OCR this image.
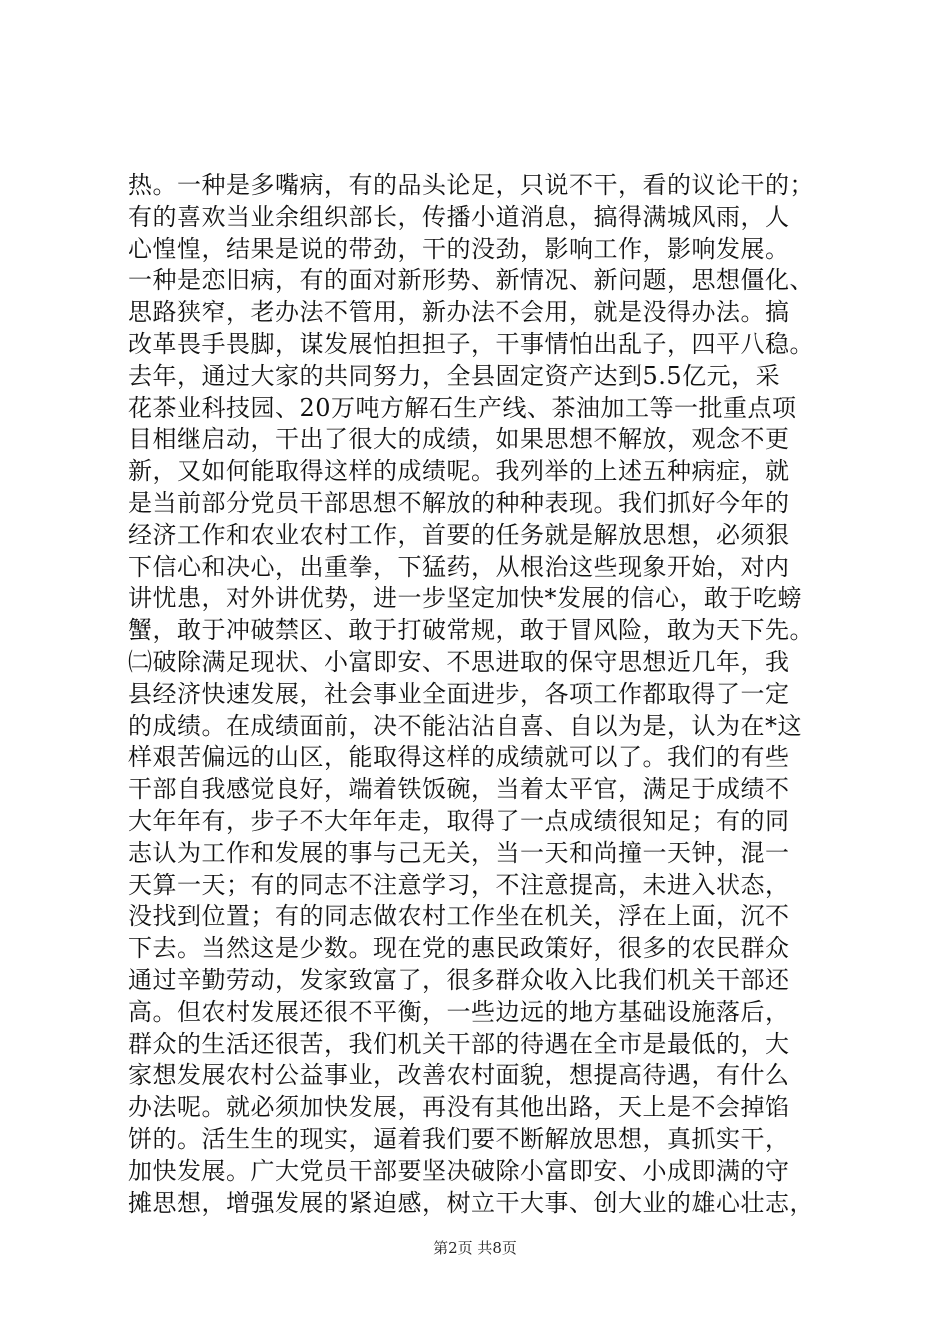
热。一种是多嘴病，有的品头论足，只说不干，看的议论干的；
有的喜欢当业余组织部长，传播小道消息，搞得满城风雨，人
心惶惶，结果是说的带劲，干的没劲，影响工作，影响发展。
一种是恋旧病，有的面对新形势、新情况、新问题，思想僵化、
思路狭窄，老办法不管用，新办法不会用，就是没得办法。搞
改革畏手畏脚，谋发展怕担担子，干事情怕出乱子，四平八稳。
去年，通过大家的共同努力，全县固定资产达到5.5亿元，采
花茶业科技园、20万吨方解石生产线、茶油加工等一批重点项
目相继启动，干出了很大的成绩，如果思想不解放，观念不更
新，又如何能取得这样的成绩呢。我列举的上述五种病症，就
是当前部分党员干部思想不解放的种种表现。我们抓好今年的
经济工作和农业农村工作，首要的任务就是解放思想，必须狠
下信心和决心，出重拳，下猛药，从根治这些现象开始，对内
讲忧患，对外讲优势，进一步坚定加快*发展的信心，敢于吃螃
蟹，敢于冲破禁区、敢于打破常规，敢于冒风险，敢为天下先。
㈡破除满足现状、小富即安、不思进取的保守思想近几年，我
县经济快速发展，社会事业全面进步，各项工作都取得了一定
的成绩。在成绩面前，决不能沾沾自喜、自以为是，认为在*这
样艰苦偏远的山区，能取得这样的成绩就可以了。我们的有些
干部自我感觉良好，端着铁饭碗，当着太平官，满足于成绩不
大年年有，步子不大年年走，取得了一点成绩很知足；有的同
志认为工作和发展的事与己无关，当一天和尚撞一天钟，混一
天算一天；有的同志不注意学习，不注意提高，未进入状态，
没找到位置；有的同志做农村工作坐在机关，浮在上面，沉不
下去。当然这是少数。现在党的惠民政策好，很多的农民群众
通过辛勤劳动，发家致富了，很多群众收入比我们机关干部还
高。但农村发展还很不平衡，一些边远的地方基础设施落后，
群众的生活还很苦，我们机关干部的待遇在全市是最低的，大
家想发展农村公益事业，改善农村面貌，想提高待遇，有什么
办法呢。就必须加快发展，再没有其他出路，天上是不会掉馅
饼的。活生生的现实，逼着我们要不断解放思想，真抓实干，
加快发展。广大党员干部要坚决破除小富即安、小成即满的守
摊思想，增强发展的紧迫感，树立干大事、创大业的雄心壮志，
第2页 共8页
